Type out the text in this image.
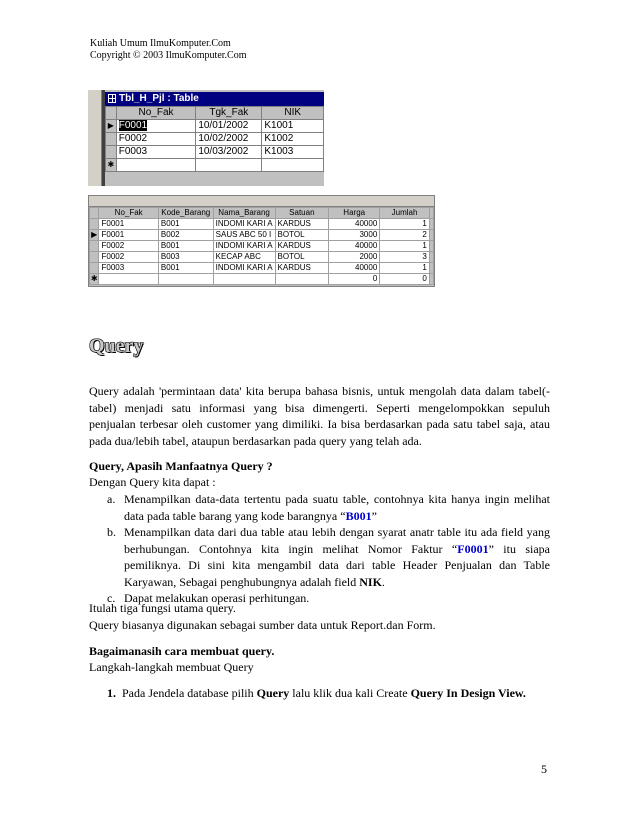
Kuliah Umum IlmuKomputer.Com
Copyright © 2003 IlmuKomputer.Com
Tbl_H_Pjl : Table
	No_Fak	Tgk_Fak	NIK
▶	F0001	10/01/2002	K1001
	F0002	10/02/2002	K1002
	F0003	10/03/2002	K1003
✱			
	No_Fak	Kode_Barang	Nama_Barang	Satuan	Harga	Jumlah	
	F0001	B001	INDOMI KARI A	KARDUS	40000	1	
▶	F0001	B002	SAUS ABC 50 I	BOTOL	3000	2	
	F0002	B001	INDOMI KARI A	KARDUS	40000	1	
	F0002	B003	KECAP ABC	BOTOL	2000	3	
	F0003	B001	INDOMI KARI A	KARDUS	40000	1	
✱					0	0	
Query
Query adalah 'permintaan data' kita berupa bahasa bisnis, untuk mengolah data dalam tabel(-tabel) menjadi satu informasi yang bisa dimengerti. Seperti mengelompokkan sepuluh penjualan terbesar oleh customer yang dimiliki. Ia bisa berdasarkan pada satu tabel saja, atau pada dua/lebih tabel, ataupun berdasarkan pada query yang telah ada.
Query, Apasih Manfaatnya Query ?
Dengan Query kita dapat :
a. Menampilkan data-data tertentu pada suatu table, contohnya kita hanya ingin melihat data pada table barang yang kode barangnya “B001”
b. Menampilkan data dari dua table atau lebih dengan syarat anatr table itu ada field yang berhubungan. Contohnya kita ingin melihat Nomor Faktur “F0001” itu siapa pemiliknya. Di sini kita mengambil data dari table Header Penjualan dan Table Karyawan, Sebagai penghubungnya adalah field NIK.
c. Dapat melakukan operasi perhitungan.
Itulah tiga fungsi utama query.
Query biasanya digunakan sebagai sumber data untuk Report.dan Form.
Bagaimanasih cara membuat query.
Langkah-langkah membuat Query
1. Pada Jendela database pilih Query lalu klik dua kali Create Query In Design View.
5
